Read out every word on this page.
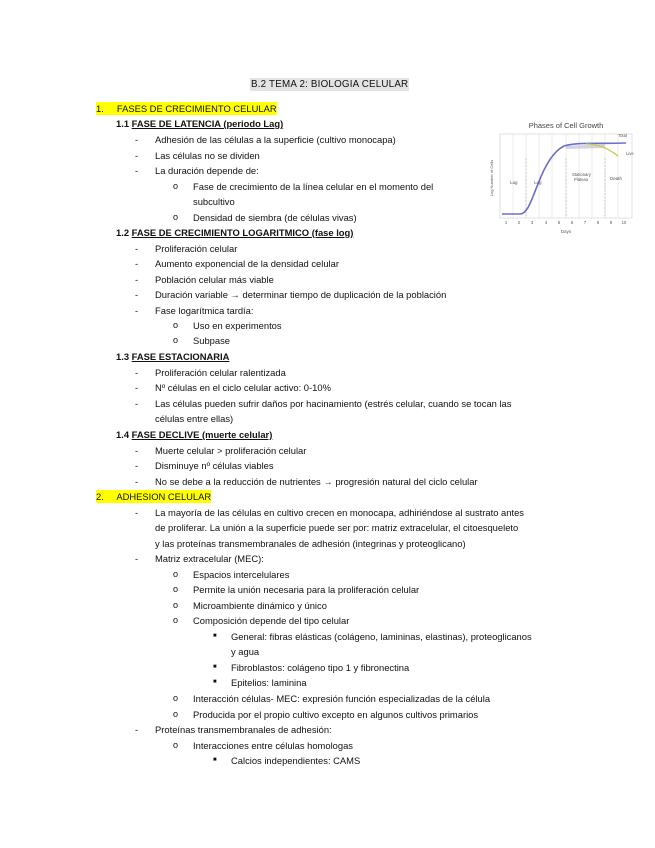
B.2 TEMA 2: BIOLOGIA CELULAR
1. FASES DE CRECIMIENTO CELULAR
1.1 FASE DE LATENCIA (periodo Lag)
- Adhesión de las células a la superficie (cultivo monocapa)
- Las células no se dividen
- La duración depende de:
o Fase de crecimiento de la línea celular en el momento del
subcultivo
o Densidad de siembra (de células vivas)
1.2 FASE DE CRECIMIENTO LOGARITMICO (fase log)
- Proliferación celular
- Aumento exponencial de la densidad celular
- Población celular más viable
- Duración variable → determinar tiempo de duplicación de la población
- Fase logarítmica tardía:
o Uso en experimentos
o Subpase
1.3 FASE ESTACIONARIA
- Proliferación celular ralentizada
- Nº células en el ciclo celular activo: 0-10%
- Las células pueden sufrir daños por hacinamiento (estrés celular, cuando se tocan las
células entre ellas)
1.4 FASE DECLIVE (muerte celular)
- Muerte celular > proliferación celular
- Disminuye nº células viables
- No se debe a la reducción de nutrientes → progresión natural del ciclo celular
2. ADHESION CELULAR
- La mayoría de las células en cultivo crecen en monocapa, adhiriéndose al sustrato antes
de proliferar. La unión a la superficie puede ser por: matriz extracelular, el citoesqueleto
y las proteínas transmembranales de adhesión (integrinas y proteoglicano)
- Matriz extracelular (MEC):
o Espacios intercelulares
o Permite la unión necesaria para la proliferación celular
o Microambiente dinámico y único
o Composición depende del tipo celular
■ General: fibras elásticas (colágeno, lamininas, elastinas), proteoglicanos
y agua
■ Fibroblastos: colágeno tipo 1 y fibronectina
■ Epitelios: laminina
o Interacción células- MEC: expresión función especializadas de la célula
o Producida por el propio cultivo excepto en algunos cultivos primarios
- Proteínas transmembranales de adhesión:
o Interacciones entre células homologas
■ Calcios independientes: CAMS
Phases of Cell Growth
Lag	Log
Stationary
Plateau	Death
Total
Live
Log Number of Cells
1	2	3	4	5	6	7	8	9 10
Days
